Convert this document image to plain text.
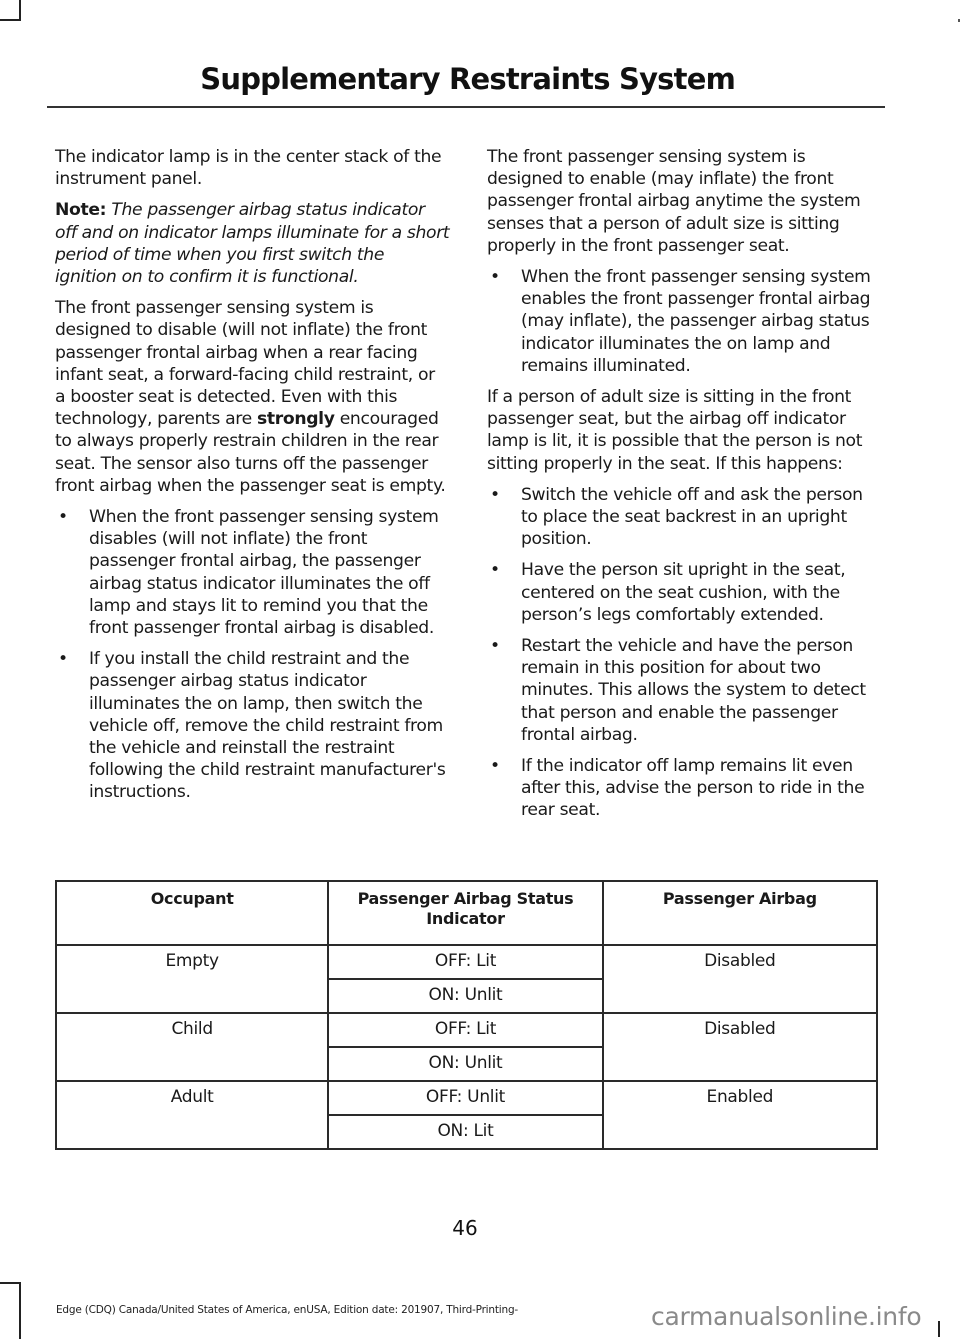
Supplementary Restraints System

The indicator lamp is in the center stack of the instrument panel.

Note: The passenger airbag status indicator off and on indicator lamps illuminate for a short period of time when you first switch the ignition on to confirm it is functional.

The front passenger sensing system is designed to disable (will not inflate) the front passenger frontal airbag when a rear facing infant seat, a forward-facing child restraint, or a booster seat is detected. Even with this technology, parents are strongly encouraged to always properly restrain children in the rear seat. The sensor also turns off the passenger front airbag when the passenger seat is empty.

• When the front passenger sensing system disables (will not inflate) the front passenger frontal airbag, the passenger airbag status indicator illuminates the off lamp and stays lit to remind you that the front passenger frontal airbag is disabled.
• If you install the child restraint and the passenger airbag status indicator illuminates the on lamp, then switch the vehicle off, remove the child restraint from the vehicle and reinstall the restraint following the child restraint manufacturer's instructions.

The front passenger sensing system is designed to enable (may inflate) the front passenger frontal airbag anytime the system senses that a person of adult size is sitting properly in the front passenger seat.

• When the front passenger sensing system enables the front passenger frontal airbag (may inflate), the passenger airbag status indicator illuminates the on lamp and remains illuminated.

If a person of adult size is sitting in the front passenger seat, but the airbag off indicator lamp is lit, it is possible that the person is not sitting properly in the seat. If this happens:

• Switch the vehicle off and ask the person to place the seat backrest in an upright position.
• Have the person sit upright in the seat, centered on the seat cushion, with the person’s legs comfortably extended.
• Restart the vehicle and have the person remain in this position for about two minutes. This allows the system to detect that person and enable the passenger frontal airbag.
• If the indicator off lamp remains lit even after this, advise the person to ride in the rear seat.
Occupant	Passenger Airbag Status Indicator	Passenger Airbag
Empty	OFF: Lit	Disabled
	ON: Unlit	
Child	OFF: Lit	Disabled
	ON: Unlit	
Adult	OFF: Unlit	Enabled
	ON: Lit	
46
Edge (CDQ) Canada/United States of America, enUSA, Edition date: 201907, Third-Printing-	carmanualsonline.info
